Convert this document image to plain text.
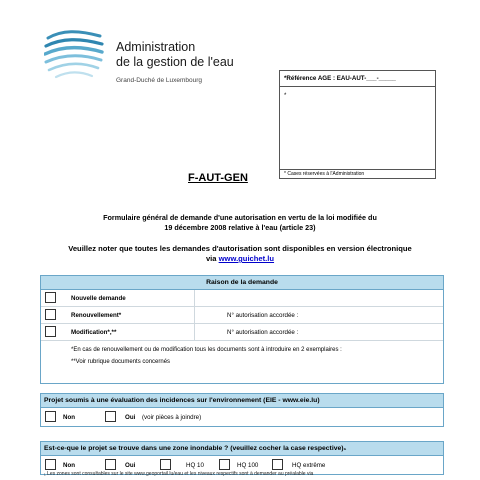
Administration
de la gestion de l'eau
Grand-Duché de Luxembourg	*Référence AGE : EAU-AUT-___-_____
*
* Cases réservées à l'Administration
F-AUT-GEN
Formulaire général de demande d'une autorisation en vertu de la loi modifiée du
19 décembre 2008 relative à l'eau (article 23)
Veuillez noter que toutes les demandes d'autorisation sont disponibles en version électronique
via www.guichet.lu
Raison de la demande
Nouvelle demande
Renouvellement*	N° autorisation accordée :
Modification*,**	N° autorisation accordée :
*En cas de renouvellement ou de modification tous les documents sont à introduire en 2 exemplaires :
**Voir rubrique documents concernés
Projet soumis à une évaluation des incidences sur l'environnement (EIE - www.eie.lu)
Non	Oui (voir pièces à joindre)
Est-ce-que le projet se trouve dans une zone inondable ? (veuillez cocher la case respective)₁
Non	Oui	HQ 10	HQ 100	HQ extrême
₁ Les zones sont consultables sur le site www.geoportail.lu/eau et les niveaux respectifs sont à demander au préalable via
